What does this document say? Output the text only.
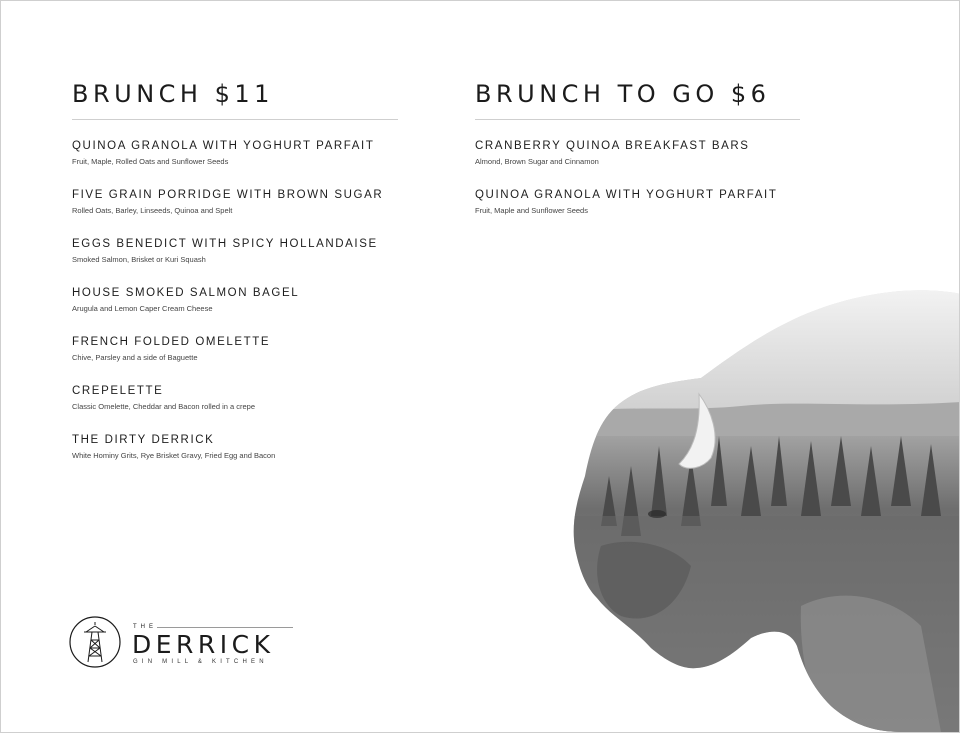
BRUNCH $11
QUINOA GRANOLA WITH YOGHURT PARFAIT
Fruit, Maple, Rolled Oats and Sunflower Seeds
FIVE GRAIN PORRIDGE WITH BROWN SUGAR
Rolled Oats, Barley, Linseeds, Quinoa and Spelt
EGGS BENEDICT WITH SPICY HOLLANDAISE
Smoked Salmon, Brisket or Kuri Squash
HOUSE SMOKED SALMON BAGEL
Arugula and Lemon Caper Cream Cheese
FRENCH FOLDED OMELETTE
Chive, Parsley and a side of Baguette
CREPELETTE
Classic Omelette, Cheddar and Bacon rolled in a crepe
THE DIRTY DERRICK
White Hominy Grits, Rye Brisket Gravy, Fried Egg and Bacon
BRUNCH TO GO $6
CRANBERRY QUINOA BREAKFAST BARS
Almond, Brown Sugar and Cinnamon
QUINOA GRANOLA WITH YOGHURT PARFAIT
Fruit, Maple and Sunflower Seeds
THE
DERRICK
GIN MILL & KITCHEN
